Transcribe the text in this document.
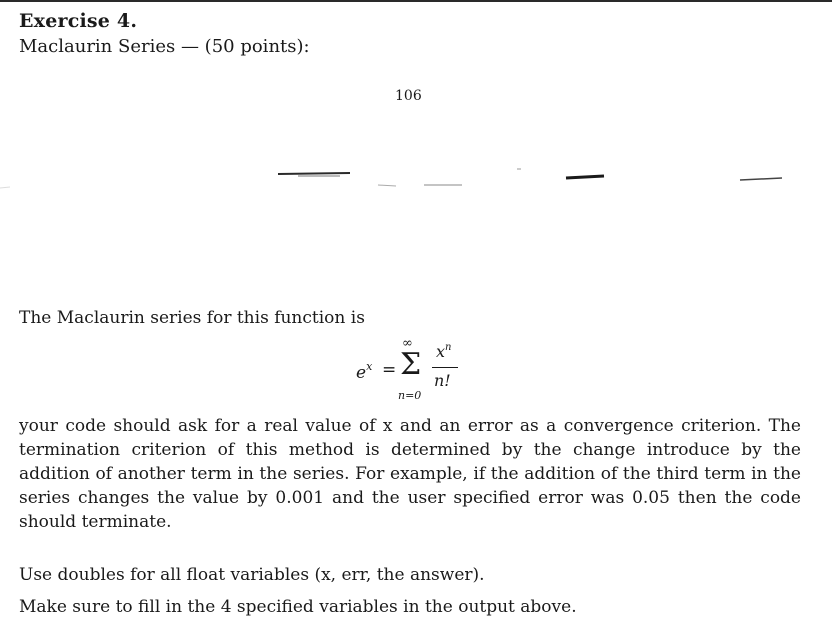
Exercise 4.
Maclaurin Series — (50 points):
106
The Maclaurin series for this function is
$e^x$ =
∞
Σ
n=0
$x^n$
n!
your code should ask for a real value of x and an error as a convergence criterion. The termination criterion of this method is determined by the change introduce by the addition of another term in the series. For example, if the addition of the third term in the series changes the value by 0.001 and the user specified error was 0.05 then the code should terminate.
Use doubles for all float variables (x, err, the answer).
Make sure to fill in the 4 specified variables in the output above.
